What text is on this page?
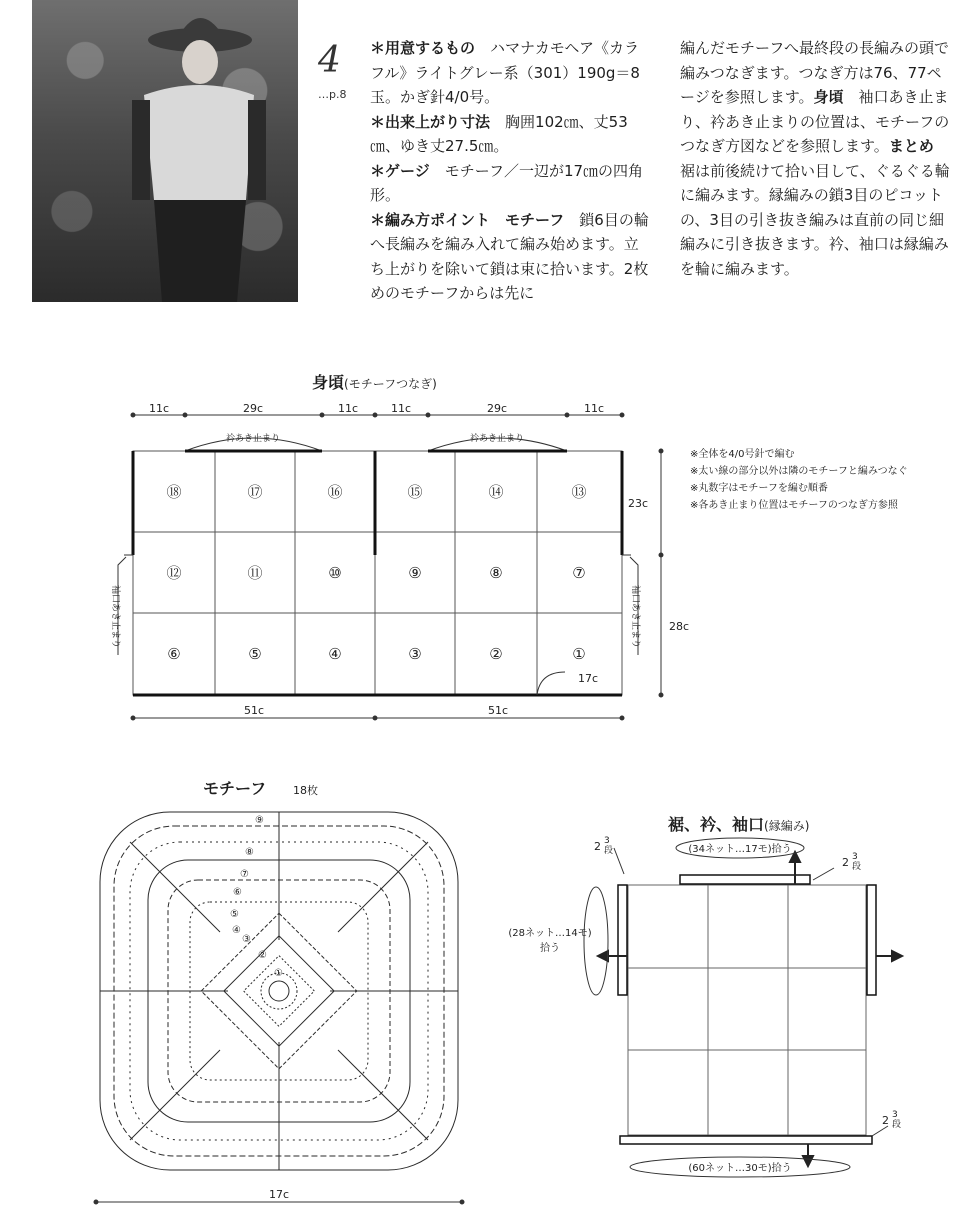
4
…p.8

＊用意するもの　 ハマナカモヘア《カラフル》ライトグレー系（301）190g＝8玉。かぎ針4/0号。

＊出来上がり寸法　 胸囲102㎝、丈53㎝、ゆき丈27.5㎝。

＊ゲージ　 モチーフ／一辺が17㎝の四角形。

＊編み方ポイント　モチーフ　 鎖6目の輪へ長編みを編み入れて編み始めます。立ち上がりを除いて鎖は束に拾います。2枚めのモチーフからは先に

編んだモチーフへ最終段の長編みの頭で編みつなぎます。つなぎ方は76、77ページを参照します。身頃　 袖口あき止まり、衿あき止まりの位置は、モチーフのつなぎ方図などを参照します。まとめ　裾は前後続けて拾い目して、ぐるぐる輪に編みます。縁編みの鎖3目のピコットの、3目の引き抜き編みは直前の同じ細編みに引き抜きます。衿、袖口は縁編みを輪に編みます。

身頃(モチーフつなぎ)
11c	29c	11c	11c	29c	11c

衿あき止まり
　　　　　　	衿あき止まり
⑱	⑰	⑯	⑮	⑭	⑬
⑫	⑪	⑩	⑨	⑧	⑦
⑥	⑤	④	③	②	①
袖口あき止まり	袖口あき止まり
17c
23c
28c
51c	51c
※全体を4/0号針で編む
※太い線の部分以外は隣のモチーフと編みつなぐ
※丸数字はモチーフを編む順番
※各あき止まり位置はモチーフのつなぎ方参照
モチーフ 18枚
⑨
⑧
⑦
⑥
⑤
④
③
②
①
17c
裾、衿、袖口(縁編み)
(34ネット…17モ)拾う
(28ネット…14モ)
拾う
(60ネット…30モ)拾う
2 3
段
2 3
段
2 3
段
